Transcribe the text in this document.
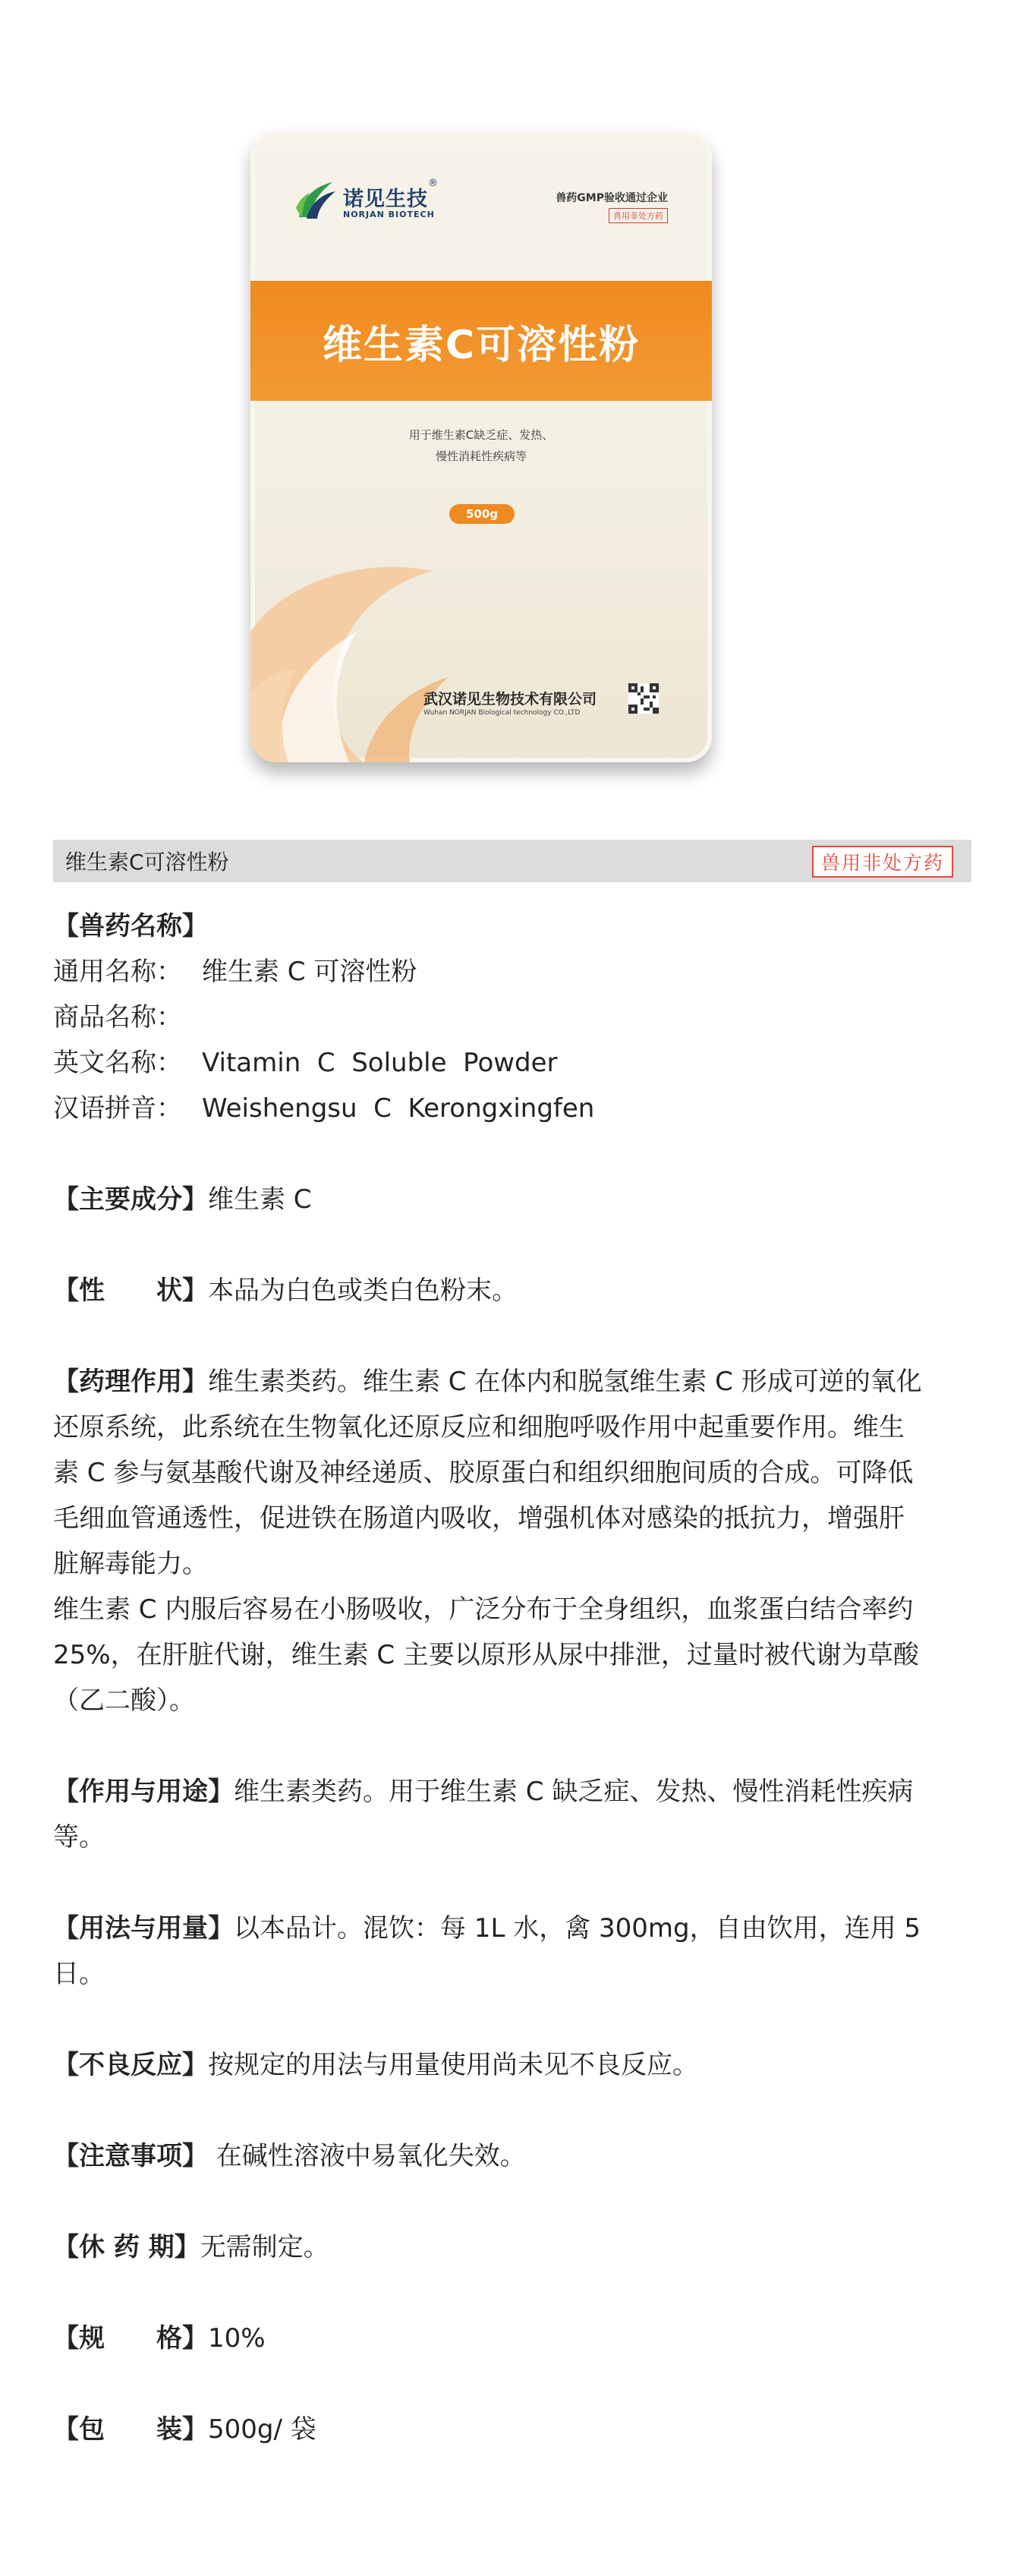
诺见生技
®
NORJAN BIOTECH
兽药GMP验收通过企业
兽用非处方药
维生素C可溶性粉
用于维生素C缺乏症、发热、
慢性消耗性疾病等
500g
武汉诺见生物技术有限公司
Wuhan NORJAN Biological technology CO.,LTD
维生素C可溶性粉	兽用非处方药

【兽药名称】

通用名称： 维生素 C 可溶性粉

商品名称：

英文名称： Vitamin  C  Soluble  Powder

汉语拼音： Weishengsu  C  Kerongxingfen

【主要成分】维生素 C

【性　　状】本品为白色或类白色粉末。

【药理作用】维生素类药。维生素 C 在体内和脱氢维生素 C 形成可逆的氧化

还原系统，此系统在生物氧化还原反应和细胞呼吸作用中起重要作用。维生

素 C 参与氨基酸代谢及神经递质、胶原蛋白和组织细胞间质的合成。可降低

毛细血管通透性，促进铁在肠道内吸收，增强机体对感染的抵抗力，增强肝

脏解毒能力。

维生素 C 内服后容易在小肠吸收，广泛分布于全身组织，血浆蛋白结合率约

25%，在肝脏代谢，维生素 C 主要以原形从尿中排泄，过量时被代谢为草酸

（乙二酸）。

【作用与用途】维生素类药。用于维生素 C 缺乏症、发热、慢性消耗性疾病

等。

【用法与用量】以本品计。混饮：每 1L 水，禽 300mg，自由饮用，连用 5 日。

【不良反应】按规定的用法与用量使用尚未见不良反应。

【注意事项】 在碱性溶液中易氧化失效。

【休 药 期】无需制定。

【规　　格】10%

【包　　装】500g/ 袋
